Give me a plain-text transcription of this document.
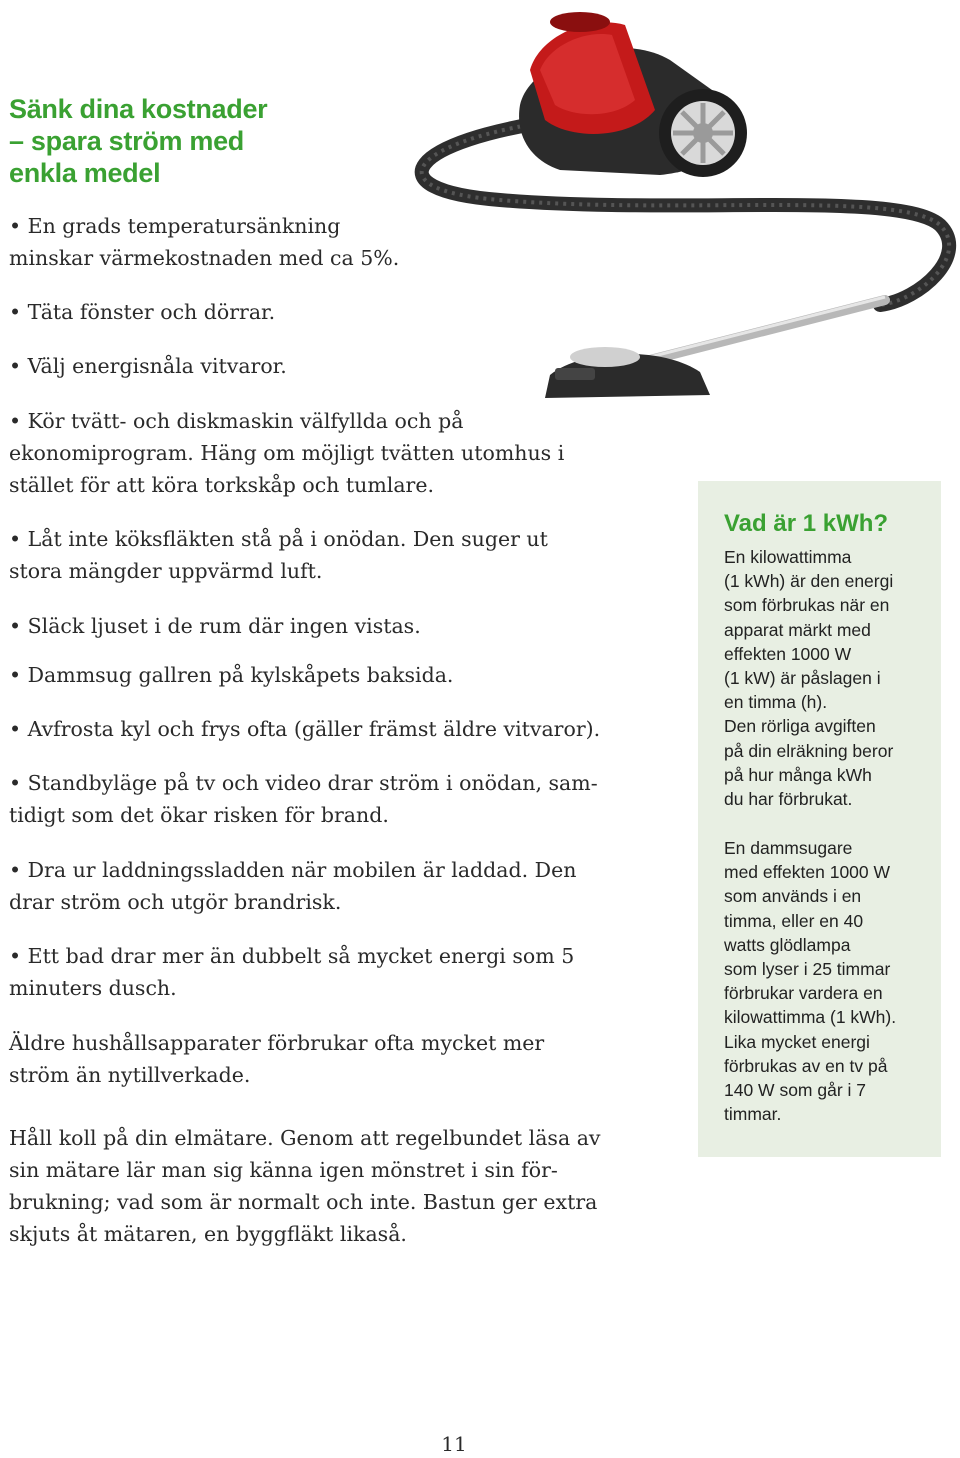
Sänk dina kostnader
– spara ström med
enkla medel

• En grads temperatursänkning
minskar värmekostnaden med ca 5%.

• Täta fönster och dörrar.

• Välj energisnåla vitvaror.

• Kör tvätt- och diskmaskin välfyllda och på
ekonomiprogram. Häng om möjligt tvätten utomhus i
stället för att köra torkskåp och tumlare.

• Låt inte köksfläkten stå på i onödan. Den suger ut
stora mängder uppvärmd luft.

• Släck ljuset i de rum där ingen vistas.

• Dammsug gallren på kylskåpets baksida.

• Avfrosta kyl och frys ofta (gäller främst äldre vitvaror).

• Standbyläge på tv och video drar ström i onödan, sam-
tidigt som det ökar risken för brand.

• Dra ur laddningssladden när mobilen är laddad. Den
drar ström och utgör brandrisk.

• Ett bad drar mer än dubbelt så mycket energi som 5
minuters dusch.

Äldre hushållsapparater förbrukar ofta mycket mer
ström än nytillverkade.

Håll koll på din elmätare. Genom att regelbundet läsa av
sin mätare lär man sig känna igen mönstret i sin för-
brukning; vad som är normalt och inte. Bastun ger extra
skjuts åt mätaren, en byggfläkt likaså.

Vad är 1 kWh?

En kilowattimma
(1 kWh) är den energi
som förbrukas när en
apparat märkt med
effekten 1000 W
(1 kW) är påslagen i
en timma (h).
Den rörliga avgiften
på din elräkning beror
på hur många kWh
du har förbrukat.

En dammsugare
med effekten 1000 W
som används i en
timma, eller en 40
watts glödlampa
som lyser i 25 timmar
förbrukar vardera en
kilowattimma (1 kWh).
Lika mycket energi
förbrukas av en tv på
140 W som går i 7
timmar.

11
